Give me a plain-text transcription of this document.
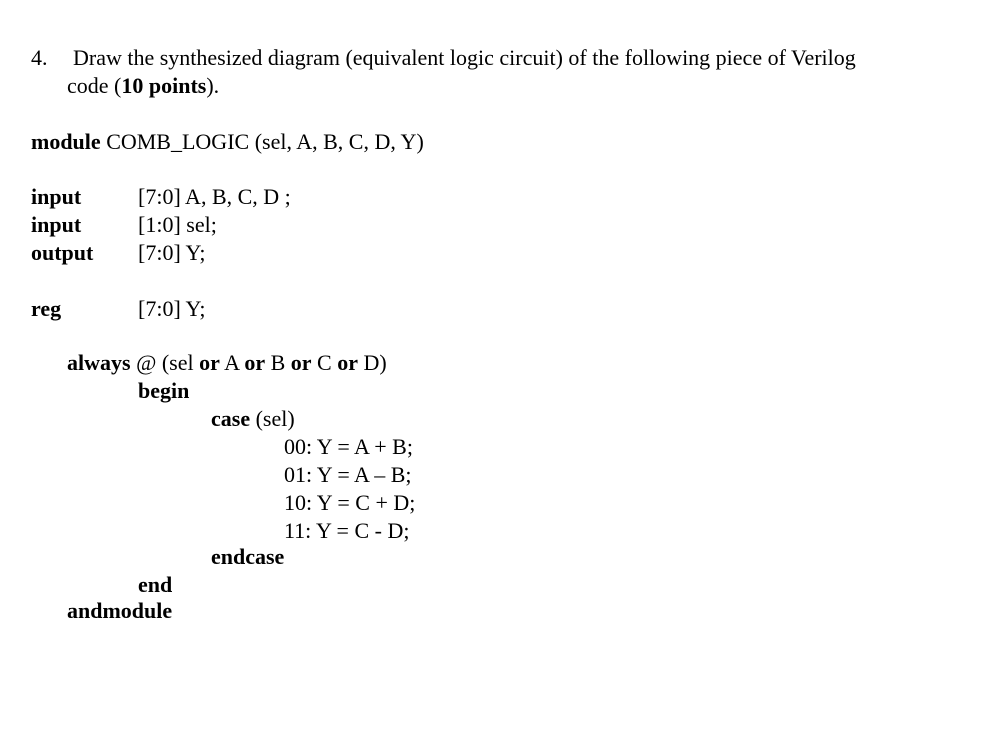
4. Draw the synthesized diagram (equivalent logic circuit) of the following piece of Verilog
code (10 points).
module COMB_LOGIC (sel, A, B, C, D, Y)
input	[7:0] A, B, C, D ;
input	[1:0] sel;
output [7:0] Y;
reg	[7:0] Y;
always @ (sel or A or B or C or D)
begin
case (sel)
00: Y = A + B;
01: Y = A – B;
10: Y = C + D;
11: Y = C - D;
endcase
end
andmodule
